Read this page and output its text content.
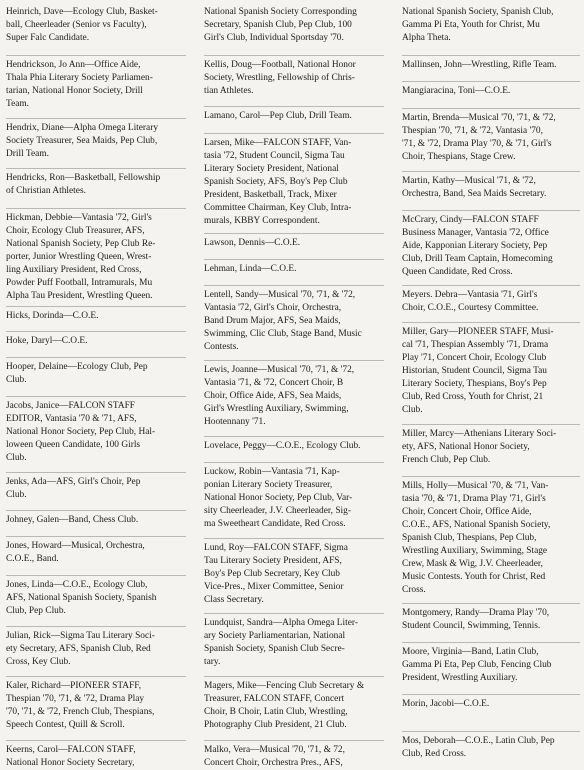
Heinrich, Dave—Ecology Club, Basket-
ball, Cheerleader (Senior vs Faculty),
Super Falc Candidate.

Hendrickson, Jo Ann—Office Aide,
Thala Phia Literary Society Parliamen-
tarian, National Honor Society, Drill
Team.

Hendrix, Diane—Alpha Omega Literary
Society Treasurer, Sea Maids, Pep Club,
Drill Team.

Hendricks, Ron—Basketball, Fellowship
of Christian Athletes.

Hickman, Debbie—Vantasia '72, Girl's
Choir, Ecology Club Treasurer, AFS,
National Spanish Society, Pep Club Re-
porter, Junior Wrestling Queen, Wrest-
ling Auxiliary President, Red Cross,
Powder Puff Football, Intramurals, Mu
Alpha Tau President, Wrestling Queen.

Hicks, Dorinda—C.O.E.

Hoke, Daryl—C.O.E.

Hooper, Delaine—Ecology Club, Pep
Club.

Jacobs, Janice—FALCON STAFF
EDITOR, Vantasia '70 & '71, AFS,
National Honor Society, Pep Club, Hal-
loween Queen Candidate, 100 Girls
Club.

Jenks, Ada—AFS, Girl's Choir, Pep
Club.

Johney, Galen—Band, Chess Club.

Jones, Howard—Musical, Orchestra,
C.O.E., Band.

Jones, Linda—C.O.E., Ecology Club,
AFS, National Spanish Society, Spanish
Club, Pep Club.

Julian, Rick—Sigma Tau Literary Soci-
ety Secretary, AFS, Spanish Club, Red
Cross, Key Club.

Kaler, Richard—PIONEER STAFF,
Thespian '70, '71, & '72, Drama Play
'70, '71, & '72, French Club, Thespians,
Speech Contest, Quill & Scroll.

Keerns, Carol—FALCON STAFF,
National Honor Society Secretary,

National Spanish Society Corresponding
Secretary, Spanish Club, Pep Club, 100
Girl's Club, Individual Sportsday '70.

Kellis, Doug—Football, National Honor
Society, Wrestling, Fellowship of Chris-
tian Athletes.

Lamano, Carol—Pep Club, Drill Team.

Larsen, Mike—FALCON STAFF, Van-
tasia '72, Student Council, Sigma Tau
Literary Society President, National
Spanish Society, AFS, Boy's Pep Club
President, Basketball, Track, Mixer
Committee Chairman, Key Club, Intra-
murals, KBBY Correspondent.

Lawson, Dennis—C.O.E.

Lehman, Linda—C.O.E.

Lentell, Sandy—Musical '70, '71, & '72,
Vantasia '72, Girl's Choir, Orchestra,
Band Drum Major, AFS, Sea Maids,
Swimming, Clic Club, Stage Band, Music
Contests.

Lewis, Joanne—Musical '70, '71, & '72,
Vantasia '71, & '72, Concert Choir, B
Choir, Office Aide, AFS, Sea Maids,
Girl's Wrestling Auxiliary, Swimming,
Hootennany '71.

Lovelace, Peggy—C.O.E., Ecology Club.

Luckow, Robin—Vantasia '71, Kap-
ponian Literary Society Treasurer,
National Honor Society, Pep Club, Var-
sity Cheerleader, J.V. Cheerleader, Sig-
ma Sweetheart Candidate, Red Cross.

Lund, Roy—FALCON STAFF, Sigma
Tau Literary Society President, AFS,
Boy's Pep Club Secretary, Key Club
Vice-Pres., Mixer Committee, Senior
Class Secretary.

Lundquist, Sandra—Alpha Omega Liter-
ary Society Parliamentarian, National
Spanish Society, Spanish Club Secre-
tary.

Magers, Mike—Fencing Club Secretary &
Treasurer, FALCON STAFF, Concert
Choir, B Choir, Latin Club, Wrestling,
Photography Club President, 21 Club.

Malko, Vera—Musical '70, '71, & 72,
Concert Choir, Orchestra Pres., AFS,

National Spanish Society, Spanish Club,
Gamma Pi Eta, Youth for Christ, Mu
Alpha Theta.

Mallinsen, John—Wrestling, Rifle Team.

Mangiaracina, Toni—C.O.E.

Martin, Brenda—Musical '70, '71, & '72,
Thespian '70, '71, & '72, Vantasia '70,
'71, & '72, Drama Play '70, & '71, Girl's
Choir, Thespians, Stage Crew.

Martin, Kathy—Musical '71, & '72,
Orchestra, Band, Sea Maids Secretary.

McCrary, Cindy—FALCON STAFF
Business Manager, Vantasia '72, Office
Aide, Kapponian Literary Society, Pep
Club, Drill Team Captain, Homecoming
Queen Candidate, Red Cross.

Meyers. Debra—Vantasia '71, Girl's
Choir, C.O.E., Courtesy Committee.

Miller, Gary—PIONEER STAFF, Musi-
cal '71, Thespian Assembly '71, Drama
Play '71, Concert Choir, Ecology Club
Historian, Student Council, Sigma Tau
Literary Society, Thespians, Boy's Pep
Club, Red Cross, Youth for Christ, 21
Club.

Miller, Marcy—Athenians Literary Soci-
ety, AFS, National Honor Society,
French Club, Pep Club.

Mills, Holly—Musical '70, & '71, Van-
tasia '70, & '71, Drama Play '71, Girl's
Choir, Concert Choir, Office Aide,
C.O.E., AFS, National Spanish Society,
Spanish Club, Thespians, Pep Club,
Wrestling Auxiliary, Swimming, Stage
Crew, Mask & Wig, J.V. Cheerleader,
Music Contests. Youth for Christ, Red
Cross.

Montgomery, Randy—Drama Play '70,
Student Council, Swimming, Tennis.

Moore, Virginia—Band, Latin Club,
Gamma Pi Eta, Pep Club, Fencing Club
President, Wrestling Auxiliary.

Morin, Jacobi—C.O.E.

Mos, Deborah—C.O.E., Latin Club, Pep
Club, Red Cross.
